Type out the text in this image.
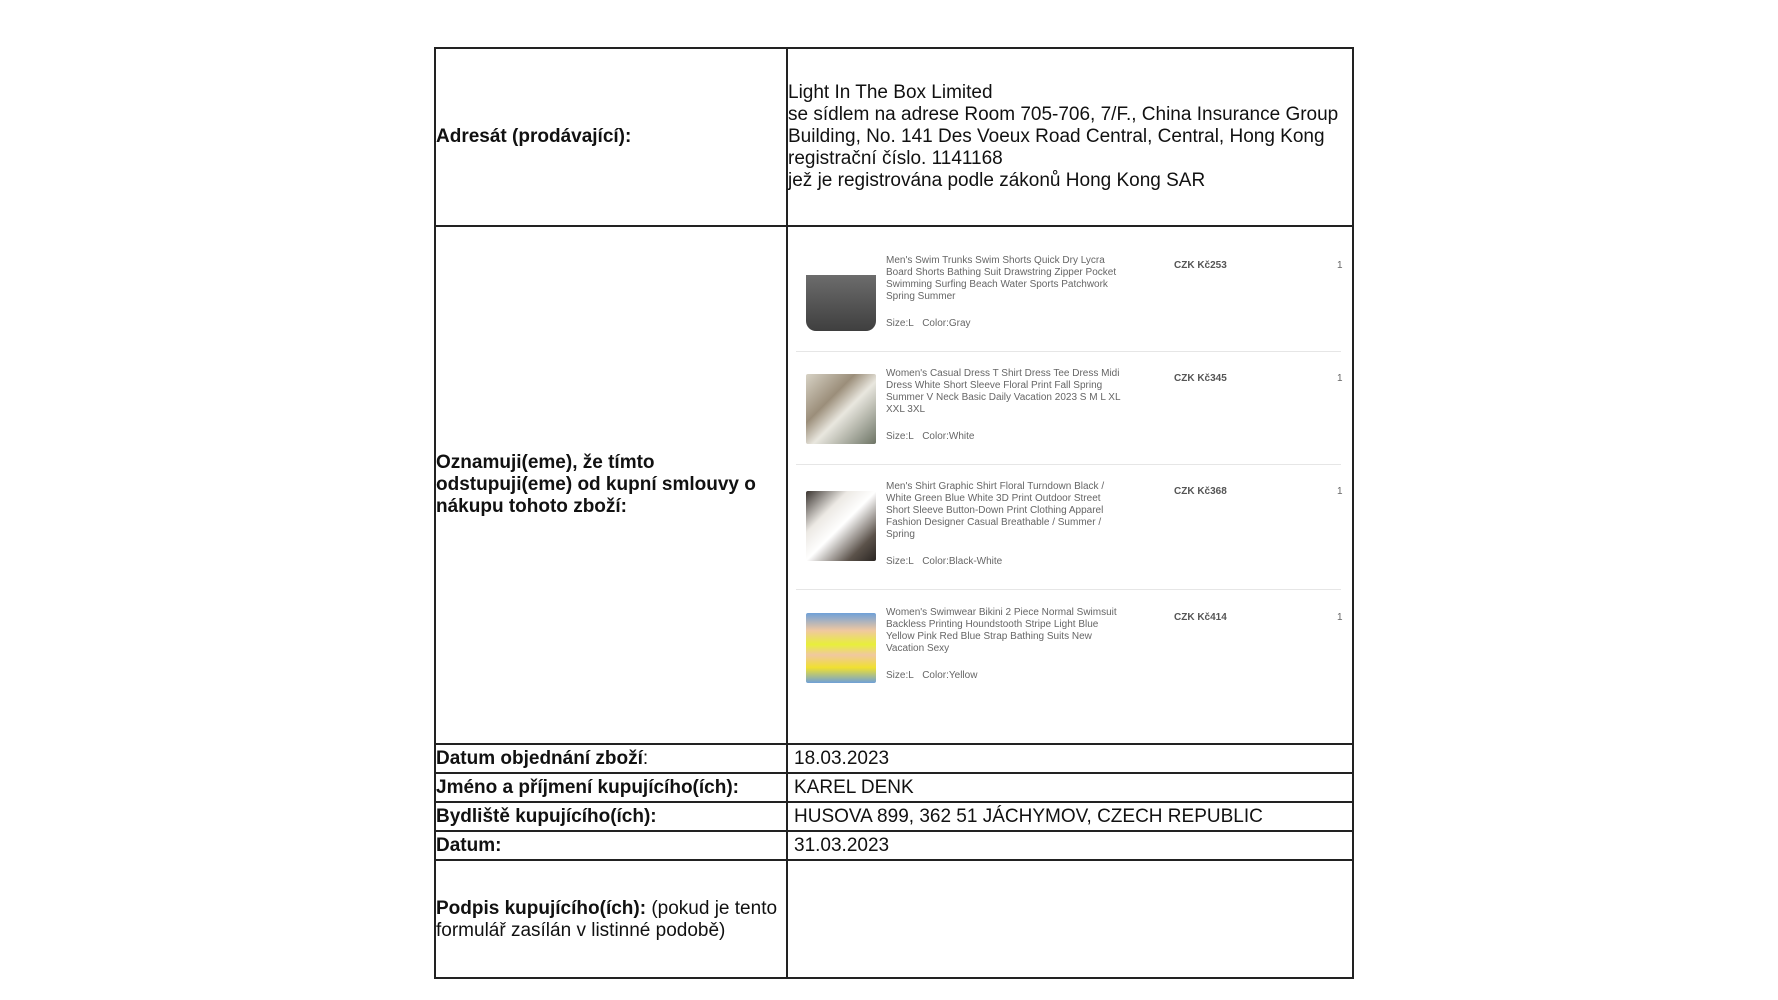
Adresát (prodávající):
Light In The Box Limited
se sídlem na adrese Room 705-706, 7/F., China Insurance Group
Building, No. 141 Des Voeux Road Central, Central, Hong Kong
registrační číslo. 1141168
jež je registrována podle zákonů Hong Kong SAR
Oznamuji(eme), že tímto
odstupuji(eme) od kupní smlouvy o
nákupu tohoto zboží:
Men's Swim Trunks Swim Shorts Quick Dry Lycra Board Shorts Bathing Suit Drawstring Zipper Pocket Swimming Surfing Beach Water Sports Patchwork Spring Summer
Size:L Color:Gray
CZK Kč253	1
Women's Casual Dress T Shirt Dress Tee Dress Midi Dress White Short Sleeve Floral Print Fall Spring Summer V Neck Basic Daily Vacation 2023 S M L XL XXL 3XL
Size:L Color:White
CZK Kč345	1
Men's Shirt Graphic Shirt Floral Turndown Black / White Green Blue White 3D Print Outdoor Street Short Sleeve Button-Down Print Clothing Apparel Fashion Designer Casual Breathable / Summer / Spring
Size:L Color:Black-White
CZK Kč368	1
Women's Swimwear Bikini 2 Piece Normal Swimsuit Backless Printing Houndstooth Stripe Light Blue Yellow Pink Red Blue Strap Bathing Suits New Vacation Sexy
Size:L Color:Yellow
CZK Kč414	1
Datum objednání zboží:	18.03.2023
Jméno a příjmení kupujícího(ích):	KAREL DENK
Bydliště kupujícího(ích):	HUSOVA 899, 362 51 JÁCHYMOV, CZECH REPUBLIC
Datum:	31.03.2023
Podpis kupujícího(ích): (pokud je tento
formulář zasílán v listinné podobě)
